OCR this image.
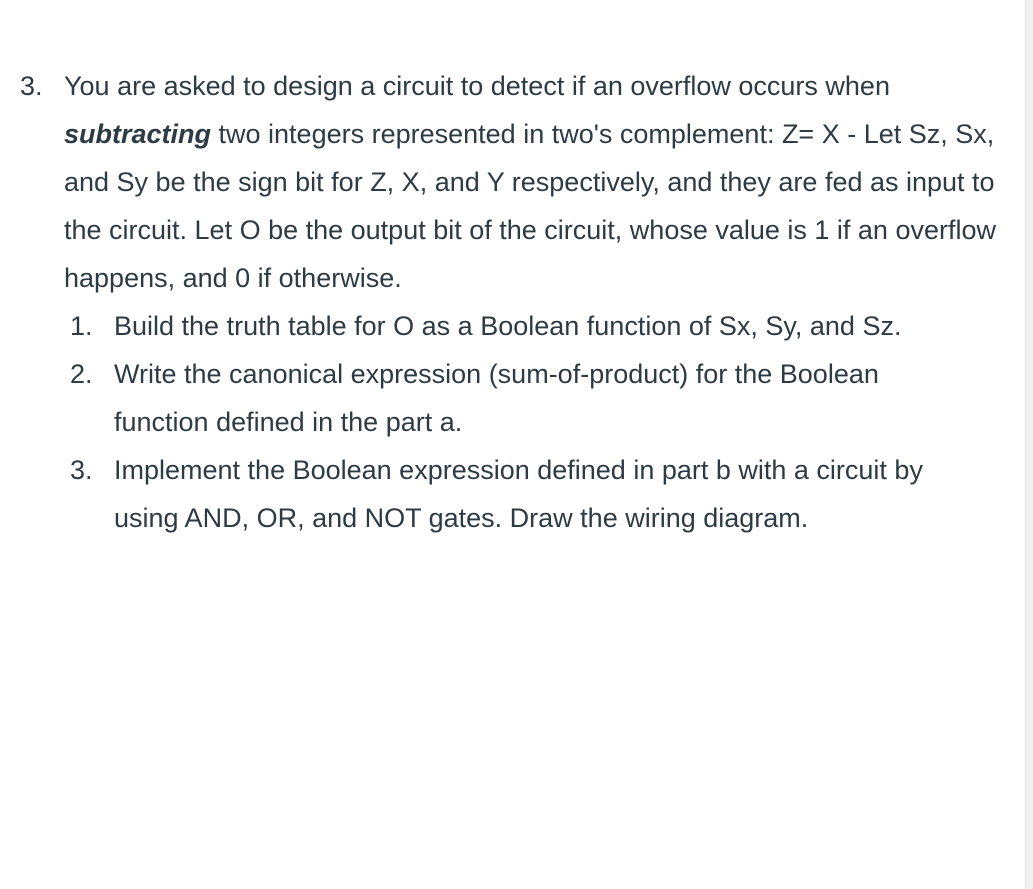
3. You are asked to design a circuit to detect if an overflow occurs when subtracting two integers represented in two's complement: Z= X - Let Sz, Sx, and Sy be the sign bit for Z, X, and Y respectively, and they are fed as input to the circuit. Let O be the output bit of the circuit, whose value is 1 if an overflow happens, and 0 if otherwise.
1. Build the truth table for O as a Boolean function of Sx, Sy, and Sz.
2. Write the canonical expression (sum-of-product) for the Boolean function defined in the part a.
3. Implement the Boolean expression defined in part b with a circuit by using AND, OR, and NOT gates. Draw the wiring diagram.
